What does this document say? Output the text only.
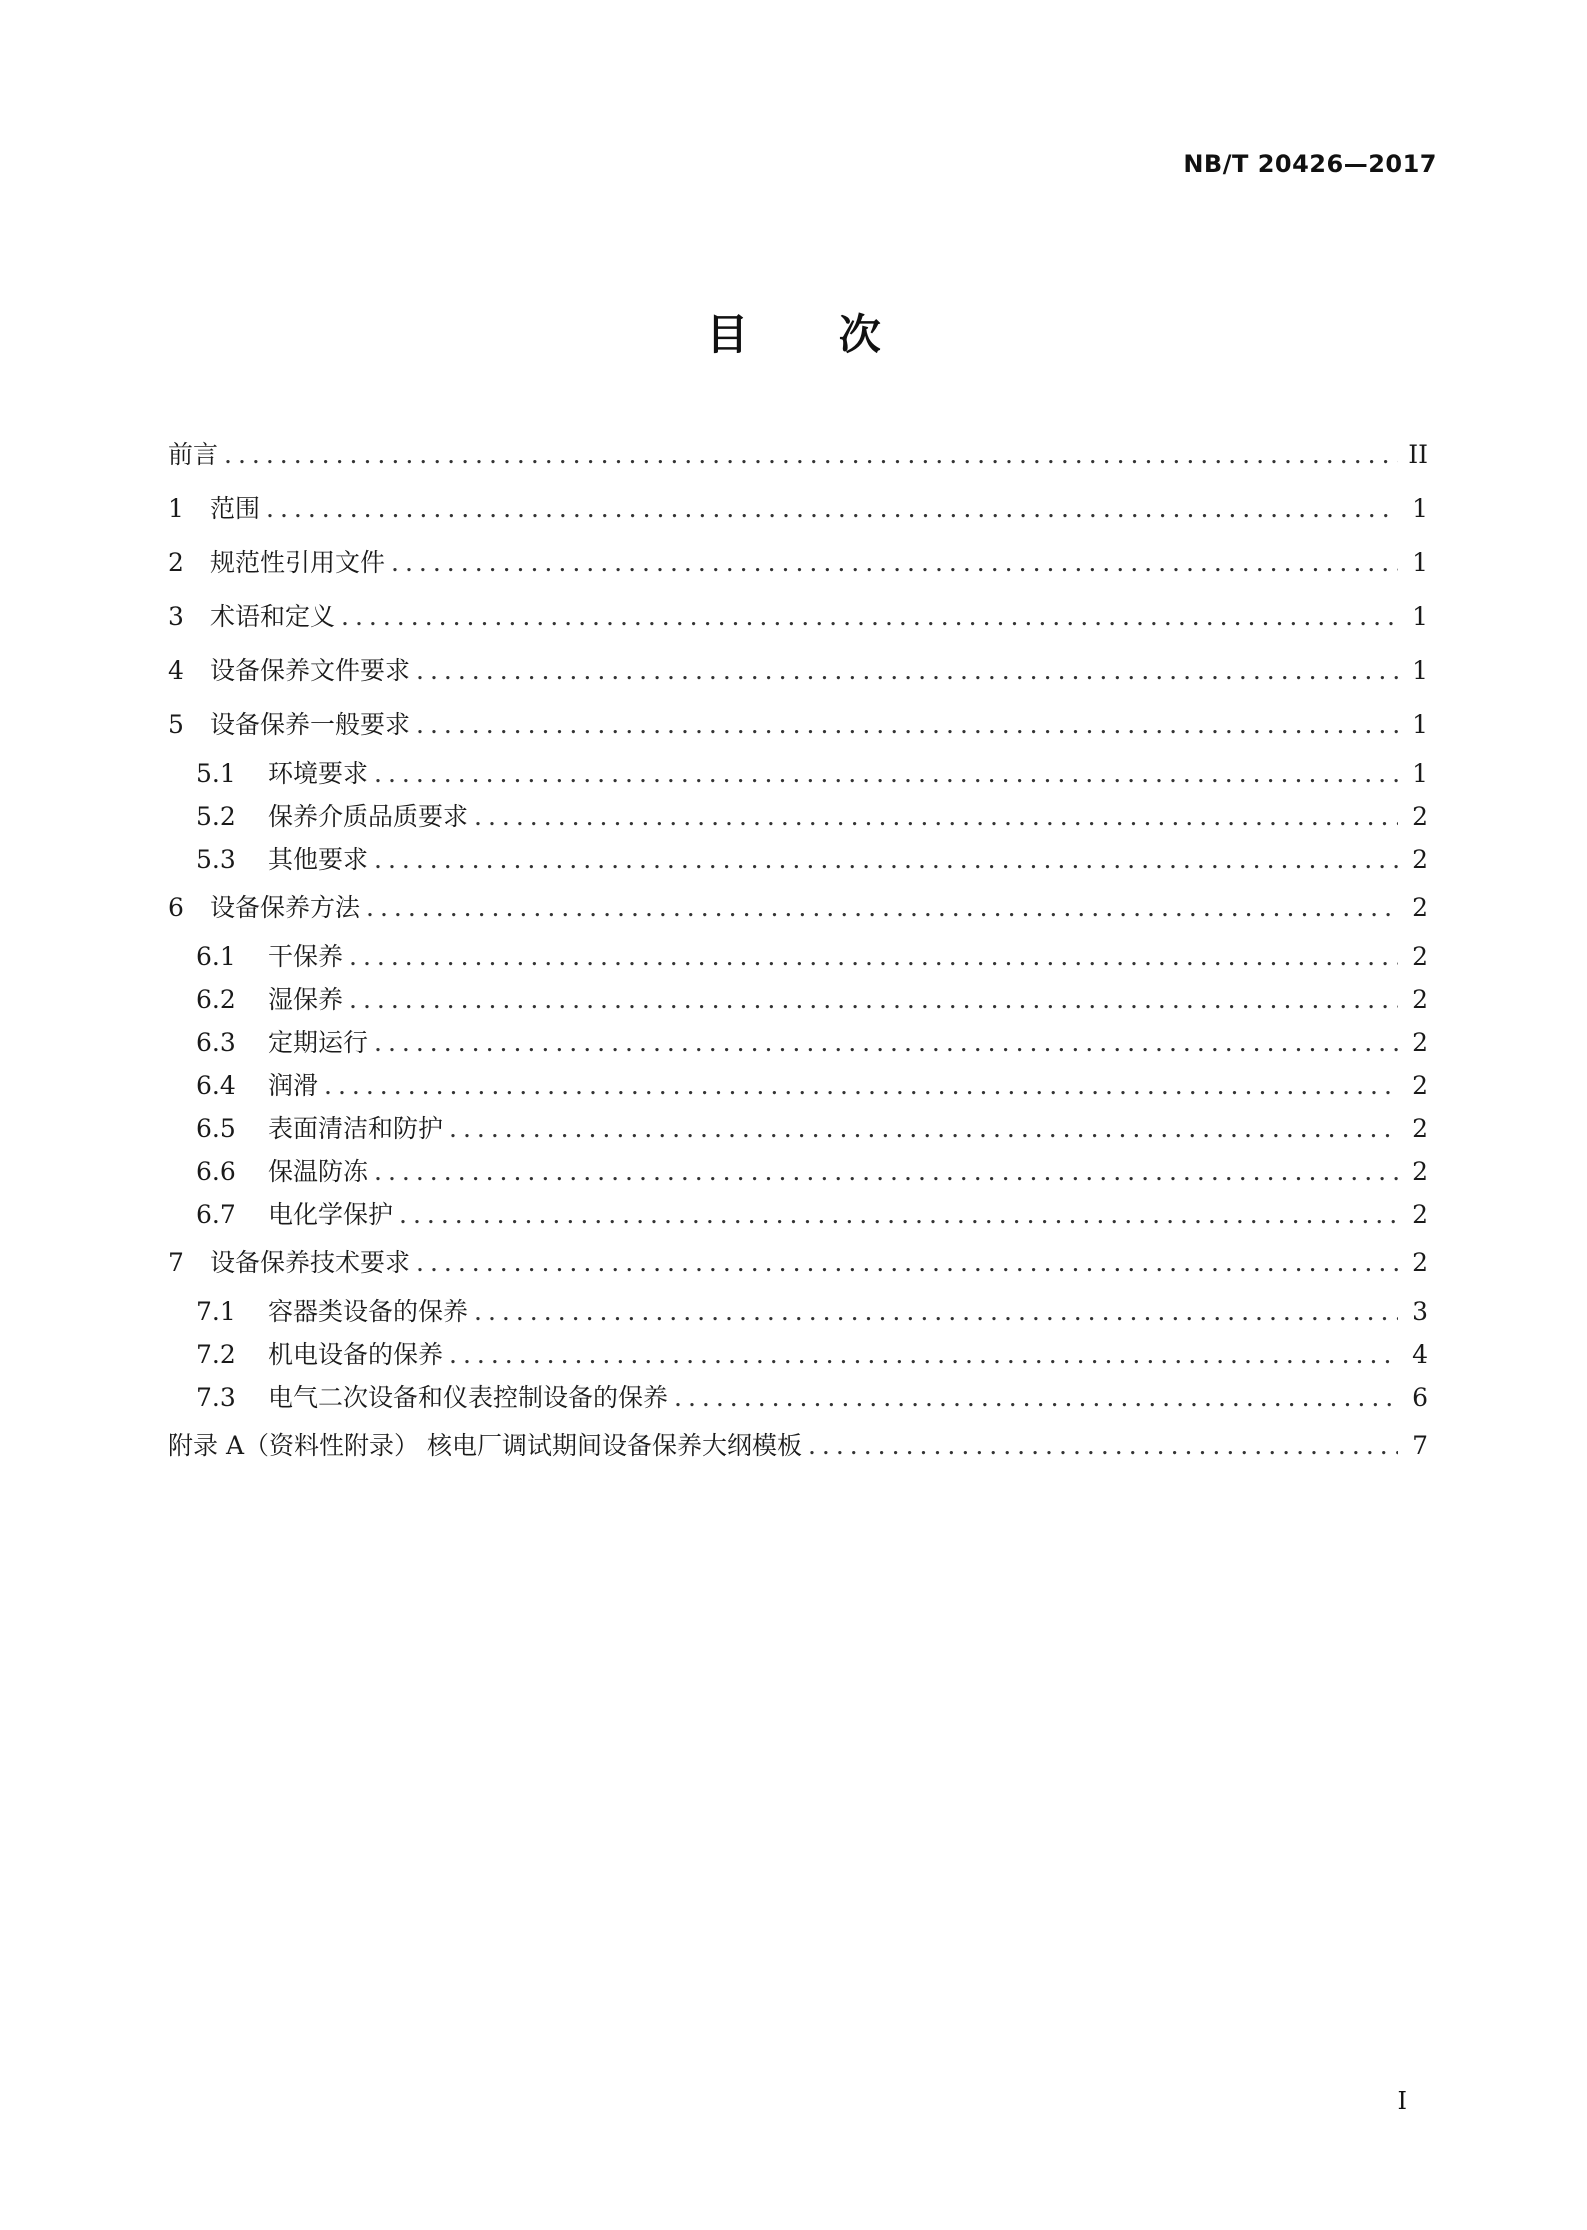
NB/T 20426—2017
目 次
前言 .....	II
1	范围 .....	1
2	规范性引用文件 .....	1
3	术语和定义 .....	1
4	设备保养文件要求 .....	1
5	设备保养一般要求 .....	1
5.1	环境要求 .....	1
5.2	保养介质品质要求 .....	2
5.3	其他要求 .....	2
6	设备保养方法 .....	2
6.1	干保养 .....	2
6.2	湿保养 .....	2
6.3	定期运行 .....	2
6.4	润滑 .....	2
6.5	表面清洁和防护 .....	2
6.6	保温防冻 .....	2
6.7	电化学保护 .....	2
7	设备保养技术要求 .....	2
7.1	容器类设备的保养 .....	3
7.2	机电设备的保养 .....	4
7.3	电气二次设备和仪表控制设备的保养 .....	6
附录 A（资料性附录） 核电厂调试期间设备保养大纲模板 .....	7
I
